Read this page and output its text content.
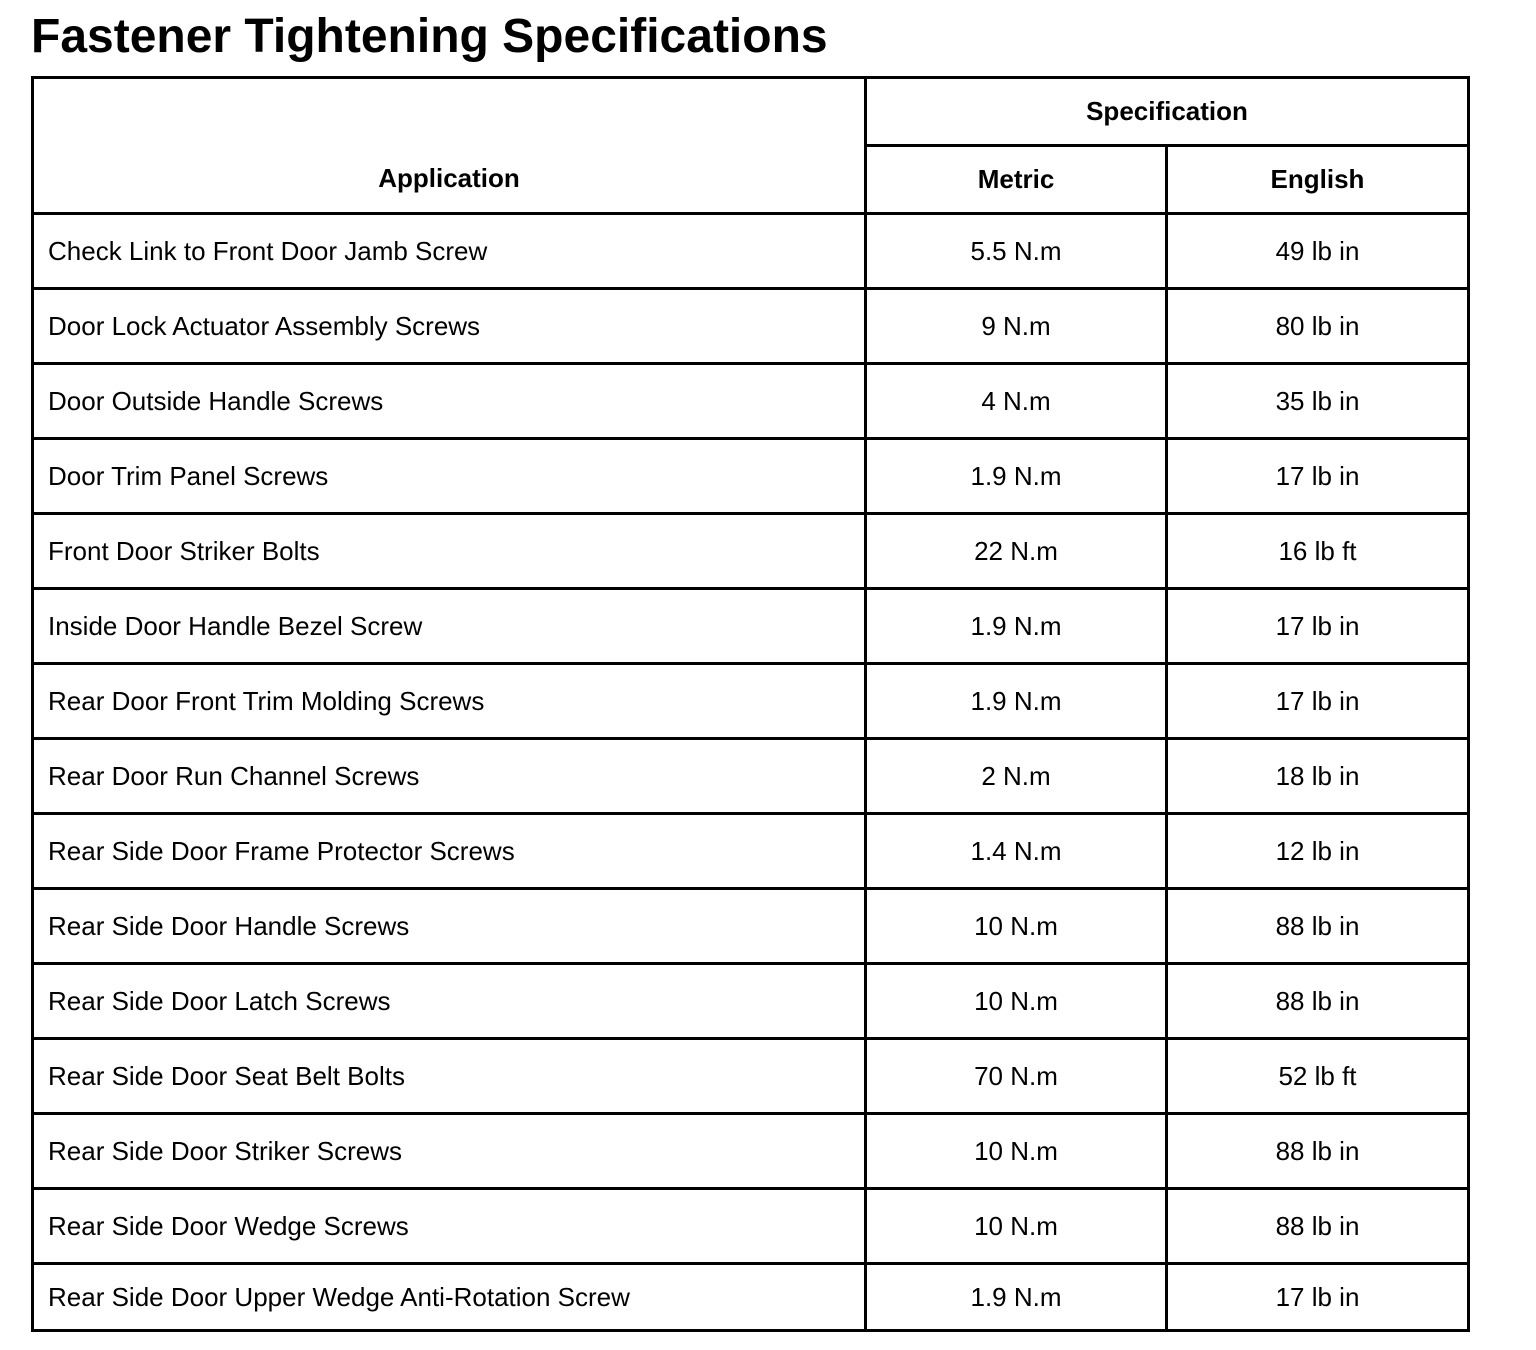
Fastener Tightening Specifications
Application	Specification	
	Metric	English
Check Link to Front Door Jamb Screw	5.5 N.m	49 lb in
Door Lock Actuator Assembly Screws	9 N.m	80 lb in
Door Outside Handle Screws	4 N.m	35 lb in
Door Trim Panel Screws	1.9 N.m	17 lb in
Front Door Striker Bolts	22 N.m	16 lb ft
Inside Door Handle Bezel Screw	1.9 N.m	17 lb in
Rear Door Front Trim Molding Screws	1.9 N.m	17 lb in
Rear Door Run Channel Screws	2 N.m	18 lb in
Rear Side Door Frame Protector Screws	1.4 N.m	12 lb in
Rear Side Door Handle Screws	10 N.m	88 lb in
Rear Side Door Latch Screws	10 N.m	88 lb in
Rear Side Door Seat Belt Bolts	70 N.m	52 lb ft
Rear Side Door Striker Screws	10 N.m	88 lb in
Rear Side Door Wedge Screws	10 N.m	88 lb in
Rear Side Door Upper Wedge Anti-Rotation Screw	1.9 N.m	17 lb in
